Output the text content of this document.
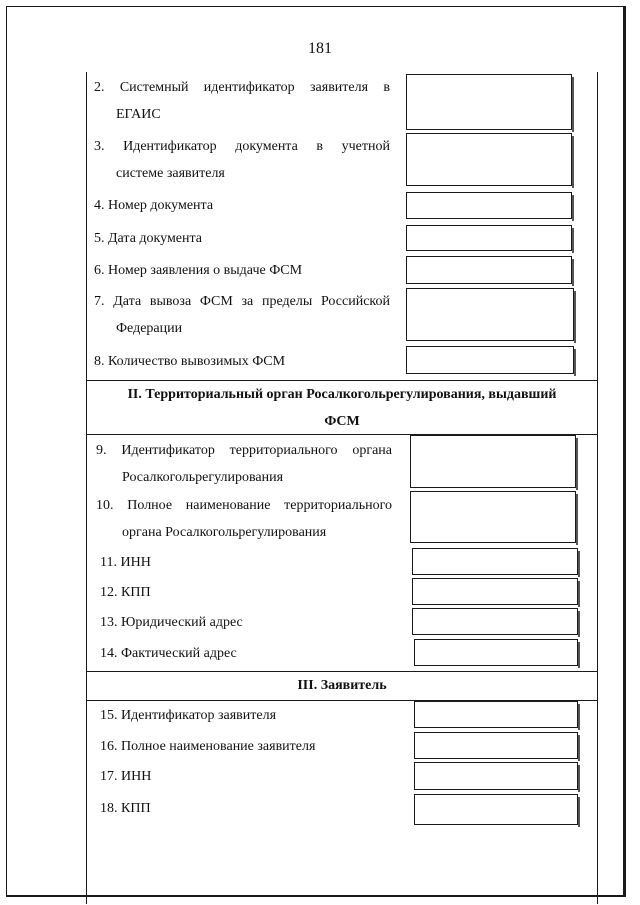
181
2. Системный идентификатор заявителя в
ЕГАИС
3. Идентификатор документа в учетной
системе заявителя
4. Номер документа
5. Дата документа
6. Номер заявления о выдаче ФСМ
7. Дата вывоза ФСМ за пределы Российской
Федерации
8. Количество вывозимых ФСМ
II. Территориальный орган Росалкогольрегулирования, выдавший
ФСМ
9. Идентификатор территориального органа
Росалкогольрегулирования
10. Полное наименование территориального
органа Росалкогольрегулирования
11. ИНН
12. КПП
13. Юридический адрес
14. Фактический адрес
III. Заявитель
15. Идентификатор заявителя
16. Полное наименование заявителя
17. ИНН
18. КПП
